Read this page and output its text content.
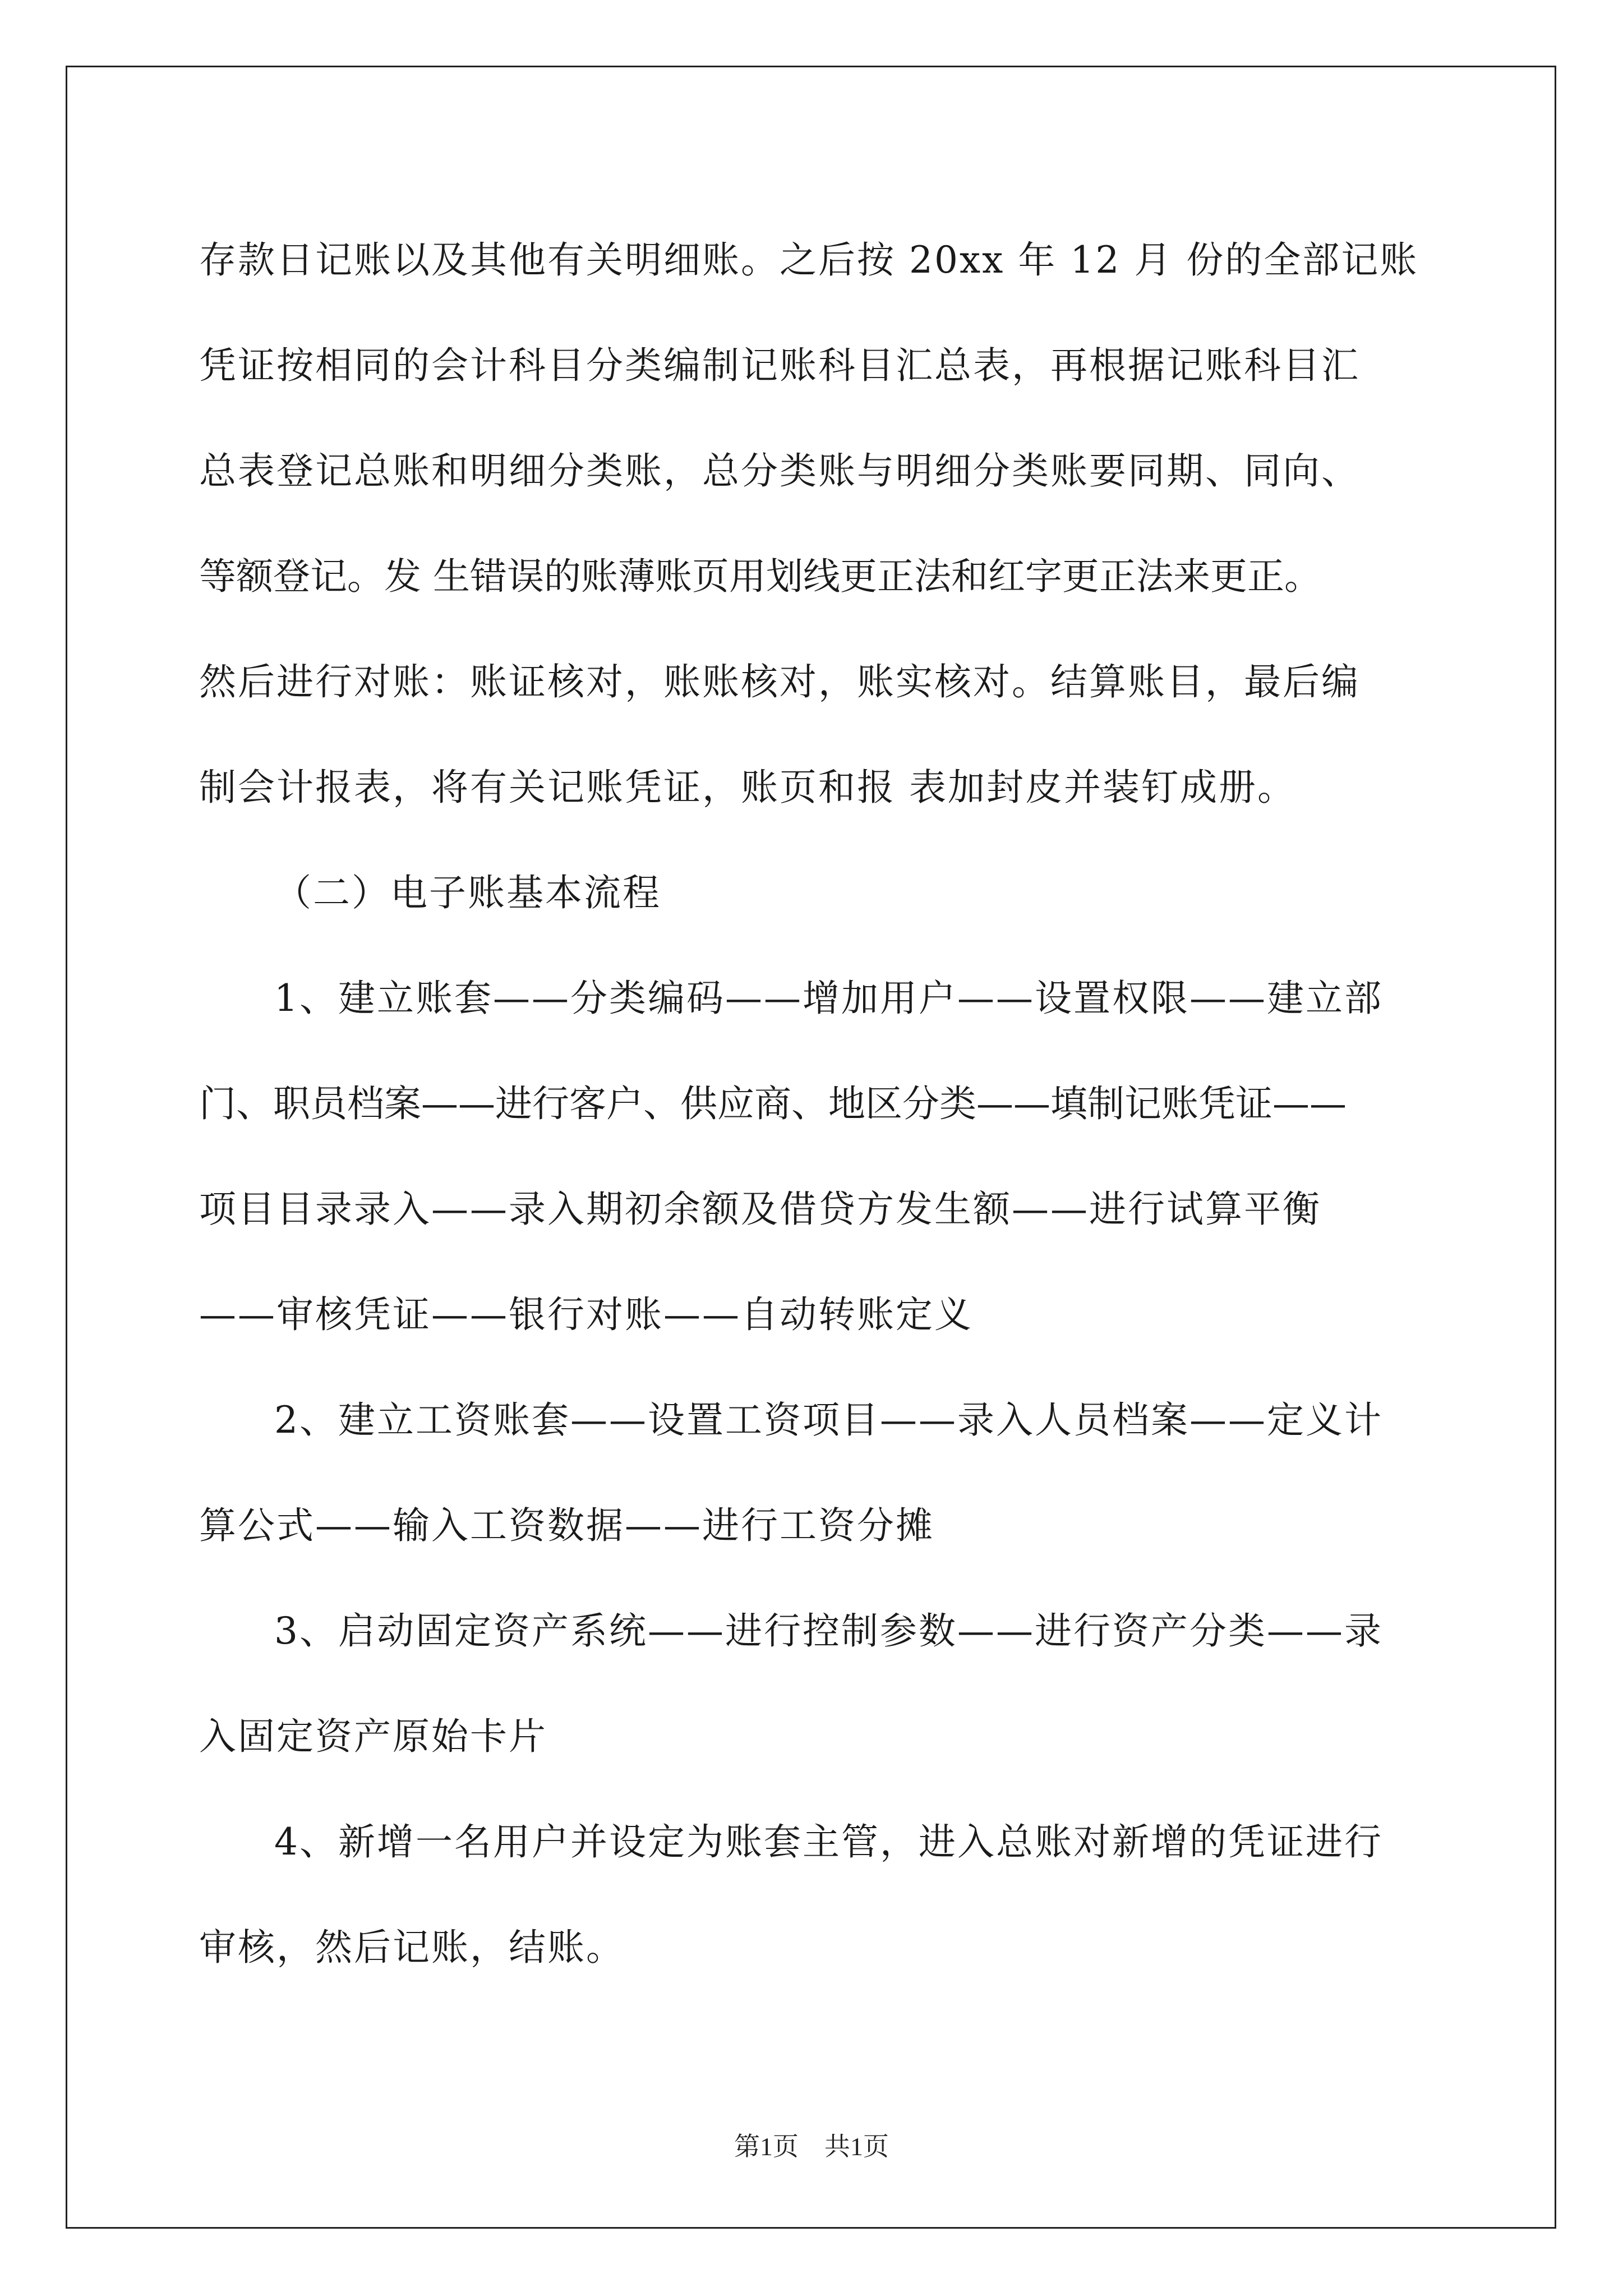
存款日记账以及其他有关明细账。之后按 20xx 年 12 月 份的全部记账
凭证按相同的会计科目分类编制记账科目汇总表，再根据记账科目汇
总表登记总账和明细分类账，总分类账与明细分类账要同期、同向、
等额登记。发 生错误的账薄账页用划线更正法和红字更正法来更正。
然后进行对账：账证核对，账账核对，账实核对。结算账目，最后编
制会计报表，将有关记账凭证，账页和报 表加封皮并装钉成册。
（二）电子账基本流程
1、建立账套——分类编码——增加用户——设置权限——建立部
门、职员档案——进行客户、供应商、地区分类——填制记账凭证——
项目目录录入——录入期初余额及借贷方发生额——进行试算平衡
——审核凭证——银行对账——自动转账定义
2、建立工资账套——设置工资项目——录入人员档案——定义计
算公式——输入工资数据——进行工资分摊
3、启动固定资产系统——进行控制参数——进行资产分类——录
入固定资产原始卡片
4、新增一名用户并设定为账套主管，进入总账对新增的凭证进行
审核，然后记账，结账。
第1页　共1页
